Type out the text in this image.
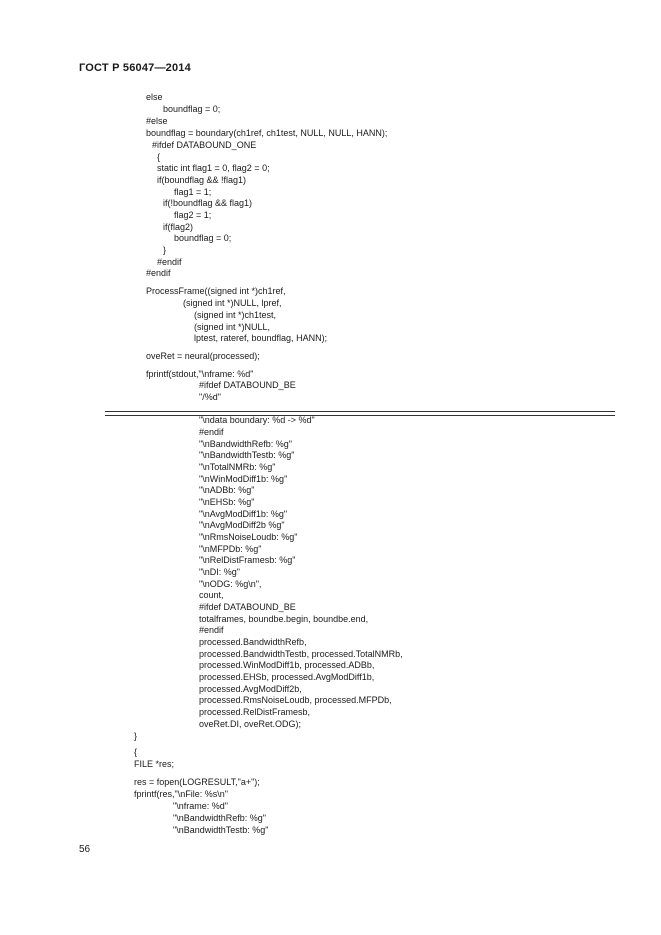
ГОСТ Р 56047—2014
else
boundflag = 0;
#else
boundflag = boundary(ch1ref, ch1test, NULL, NULL, HANN);
#ifdef DATABOUND_ONE
{
static int flag1 = 0, flag2 = 0;
if(boundflag && !flag1)
flag1 = 1;
if(!boundflag && flag1)
flag2 = 1;
if(flag2)
boundflag = 0;
}
#endif
#endif
ProcessFrame((signed int *)ch1ref,
(signed int *)NULL, lpref,
(signed int *)ch1test,
(signed int *)NULL,
lptest, rateref, boundflag, HANN);
oveRet = neural(processed);
fprintf(stdout,"\nframe: %d"
#ifdef DATABOUND_BE
"/%d"
"\ndata boundary: %d -> %d"
#endif
"\nBandwidthRefb: %g"
"\nBandwidthTestb: %g"
"\nTotalNMRb: %g"
"\nWinModDiff1b: %g"
"\nADBb: %g"
"\nEHSb: %g"
"\nAvgModDiff1b: %g"
"\nAvgModDiff2b %g"
"\nRmsNoiseLoudb: %g"
"\nMFPDb: %g"
"\nRelDistFramesb: %g"
"\nDI: %g"
"\nODG: %g\n",
count,
#ifdef DATABOUND_BE
totalframes, boundbe.begin, boundbe.end,
#endif
processed.BandwidthRefb,
processed.BandwidthTestb, processed.TotalNMRb,
processed.WinModDiff1b, processed.ADBb,
processed.EHSb, processed.AvgModDiff1b,
processed.AvgModDiff2b,
processed.RmsNoiseLoudb, processed.MFPDb,
processed.RelDistFramesb,
oveRet.DI, oveRet.ODG);
}
{
FILE *res;
res = fopen(LOGRESULT,"a+");
fprintf(res,"\nFile: %s\n"
"\nframe: %d"
"\nBandwidthRefb: %g"
"\nBandwidthTestb: %g"
56
